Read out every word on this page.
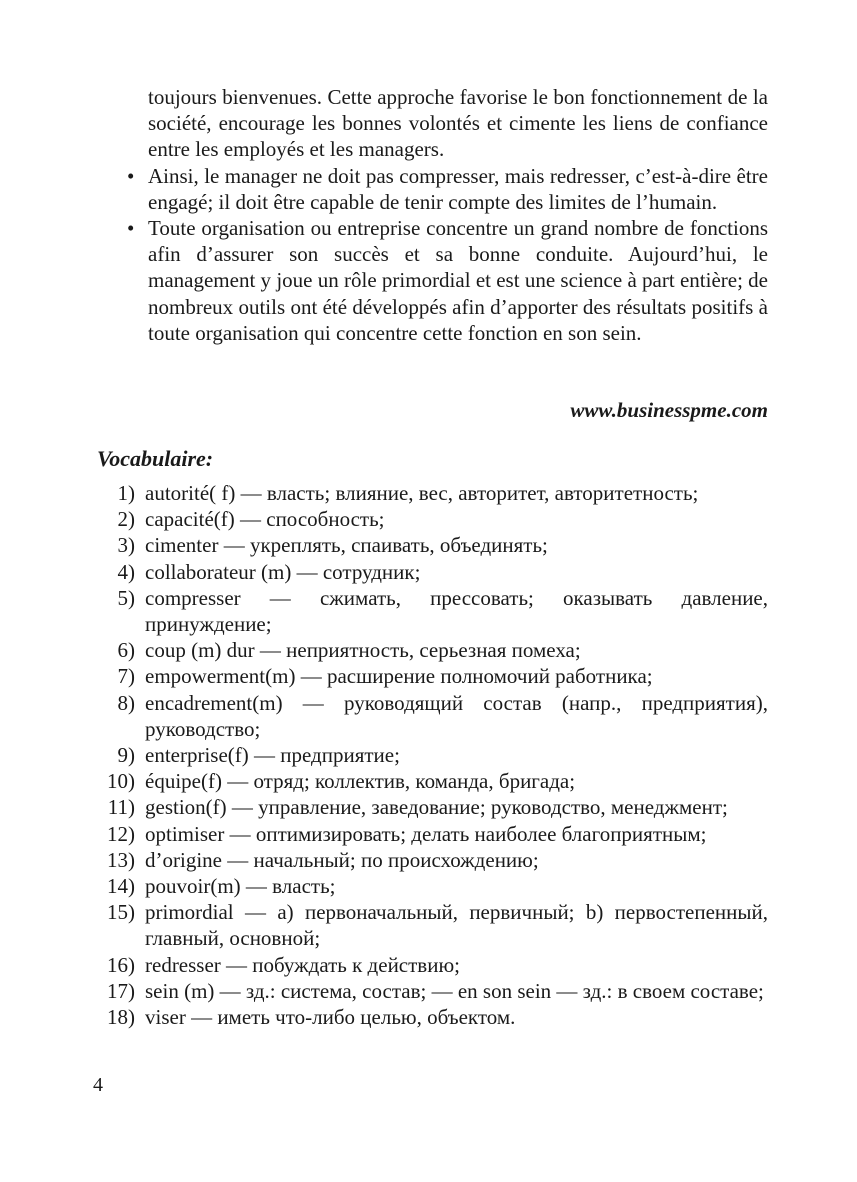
toujours bienvenues. Cette approche favorise le bon fonctionnement de la société, encourage les bonnes volontés et cimente les liens de confiance entre les employés et les managers.

• Ainsi, le manager ne doit pas compresser, mais redresser, c’est-à-dire être engagé; il doit être capable de tenir compte des limites de l’humain.

• Toute organisation ou entreprise concentre un grand nombre de fonctions afin d’assurer son succès et sa bonne conduite. Aujourd’hui, le management y joue un rôle primordial et est une science à part entière; de nombreux outils ont été développés afin d’apporter des résultats positifs à toute organisation qui concentre cette fonction en son sein.

www.businesspme.com
Vocabulaire:
1) autorité( f) — власть; влияние, вес, авторитет, авторитетность;
2) capacité(f) — способность;
3) cimenter — укреплять, спаивать, объединять;
4) collaborateur (m) — сотрудник;
5) compresser — сжимать, прессовать; оказывать давление, принуждение;
6) coup (m) dur — неприятность, серьезная помеха;
7) empowerment(m) — расширение полномочий работника;
8) encadrement(m) — руководящий состав (напр., предприятия), руководство;
9) enterprise(f) — предприятие;
10) équipe(f) — отряд; коллектив, команда, бригада;
11) gestion(f) — управление, заведование; руководство, менеджмент;
12) optimiser — оптимизировать; делать наиболее благоприятным;
13) d’origine — начальный; по происхождению;
14) pouvoir(m) — власть;
15) primordial — a) первоначальный, первичный; b) первостепенный, главный, основной;
16) redresser — побуждать к действию;
17) sein (m) — зд.: система, состав; — en son sein — зд.: в своем составе;
18) viser — иметь что-либо целью, объектом.
4
